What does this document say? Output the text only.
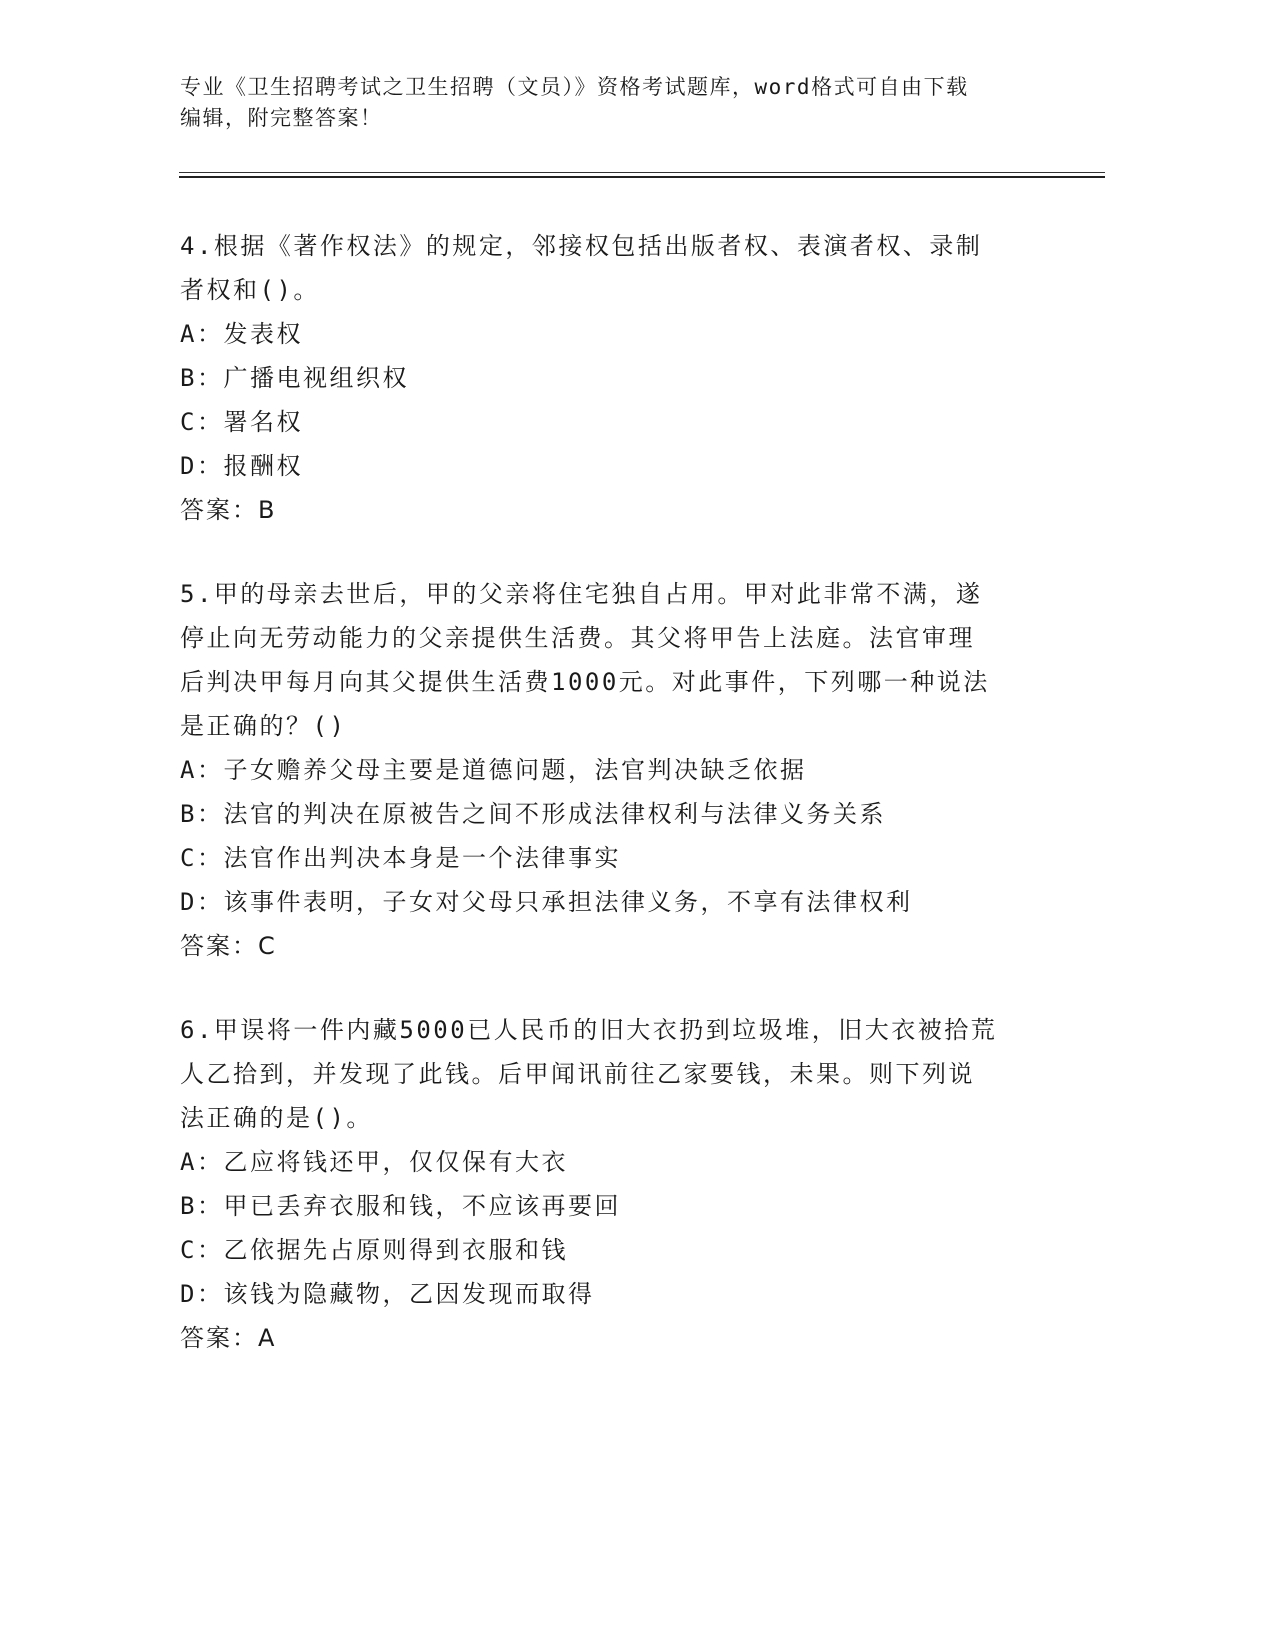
专业《卫生招聘考试之卫生招聘（文员）》资格考试题库，word格式可自由下载

编辑，附完整答案！

4.根据《著作权法》的规定，邻接权包括出版者权、表演者权、录制
者权和()。
A：发表权
B：广播电视组织权
C：署名权
D：报酬权
答案：B
5.甲的母亲去世后，甲的父亲将住宅独自占用。甲对此非常不满，遂
停止向无劳动能力的父亲提供生活费。其父将甲告上法庭。法官审理
后判决甲每月向其父提供生活费1000元。对此事件，下列哪一种说法
是正确的？()
A：子女赡养父母主要是道德问题，法官判决缺乏依据
B：法官的判决在原被告之间不形成法律权利与法律义务关系
C：法官作出判决本身是一个法律事实
D：该事件表明，子女对父母只承担法律义务，不享有法律权利
答案：C
6.甲误将一件内藏5000已人民币的旧大衣扔到垃圾堆，旧大衣被拾荒
人乙拾到，并发现了此钱。后甲闻讯前往乙家要钱，未果。则下列说
法正确的是()。
A：乙应将钱还甲，仅仅保有大衣
B：甲已丢弃衣服和钱，不应该再要回
C：乙依据先占原则得到衣服和钱
D：该钱为隐藏物，乙因发现而取得
答案：A
